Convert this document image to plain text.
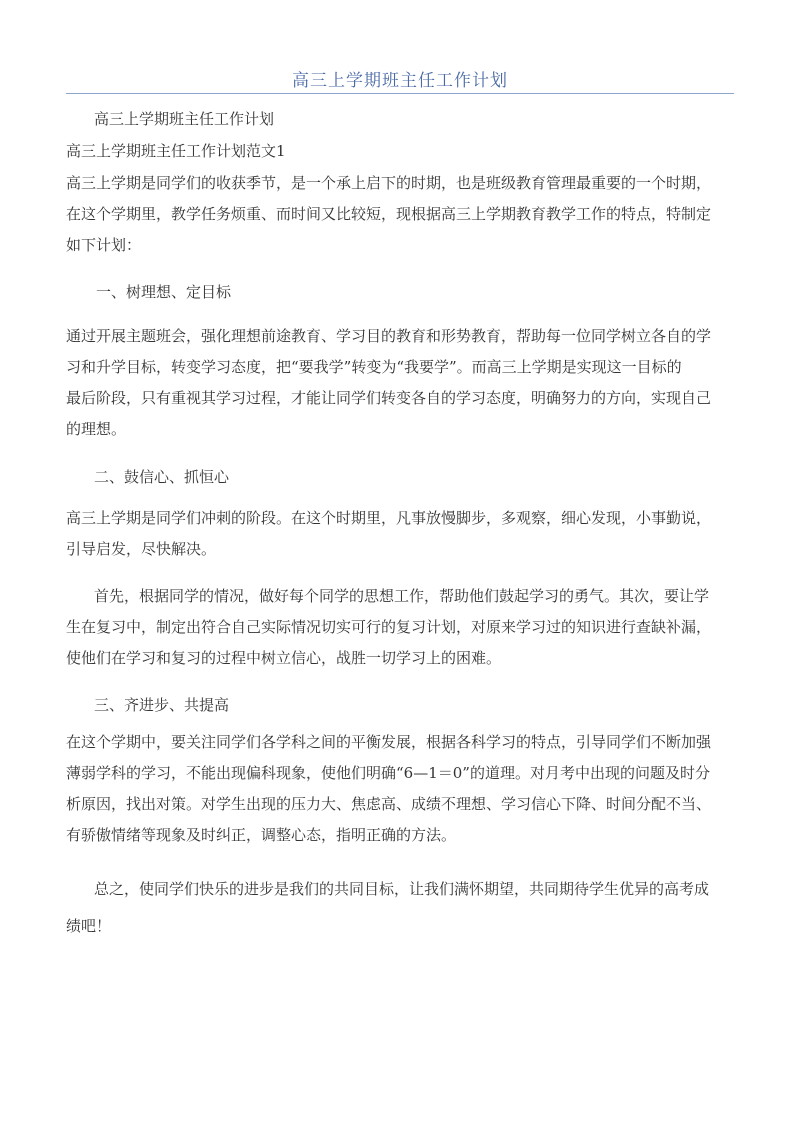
高三上学期班主任工作计划
高三上学期班主任工作计划
高三上学期班主任工作计划范文1
高三上学期是同学们的收获季节，是一个承上启下的时期，也是班级教育管理最重要的一个时期，
在这个学期里，教学任务烦重、而时间又比较短，现根据高三上学期教育教学工作的特点，特制定
如下计划：
一、树理想、定目标
通过开展主题班会，强化理想前途教育、学习目的教育和形势教育，帮助每一位同学树立各自的学
习和升学目标，转变学习态度，把“要我学”转变为“我要学”。而高三上学期是实现这一目标的
最后阶段，只有重视其学习过程，才能让同学们转变各自的学习态度，明确努力的方向，实现自己
的理想。
二、鼓信心、抓恒心
高三上学期是同学们冲刺的阶段。在这个时期里，凡事放慢脚步，多观察，细心发现，小事勤说，
引导启发，尽快解决。
首先，根据同学的情况，做好每个同学的思想工作，帮助他们鼓起学习的勇气。其次，要让学
生在复习中，制定出符合自己实际情况切实可行的复习计划，对原来学习过的知识进行查缺补漏，
使他们在学习和复习的过程中树立信心，战胜一切学习上的困难。
三、齐进步、共提高
在这个学期中，要关注同学们各学科之间的平衡发展，根据各科学习的特点，引导同学们不断加强
薄弱学科的学习，不能出现偏科现象，使他们明确“6—1＝0”的道理。对月考中出现的问题及时分
析原因，找出对策。对学生出现的压力大、焦虑高、成绩不理想、学习信心下降、时间分配不当、
有骄傲情绪等现象及时纠正，调整心态，指明正确的方法。
总之，使同学们快乐的进步是我们的共同目标，让我们满怀期望，共同期待学生优异的高考成
绩吧！
